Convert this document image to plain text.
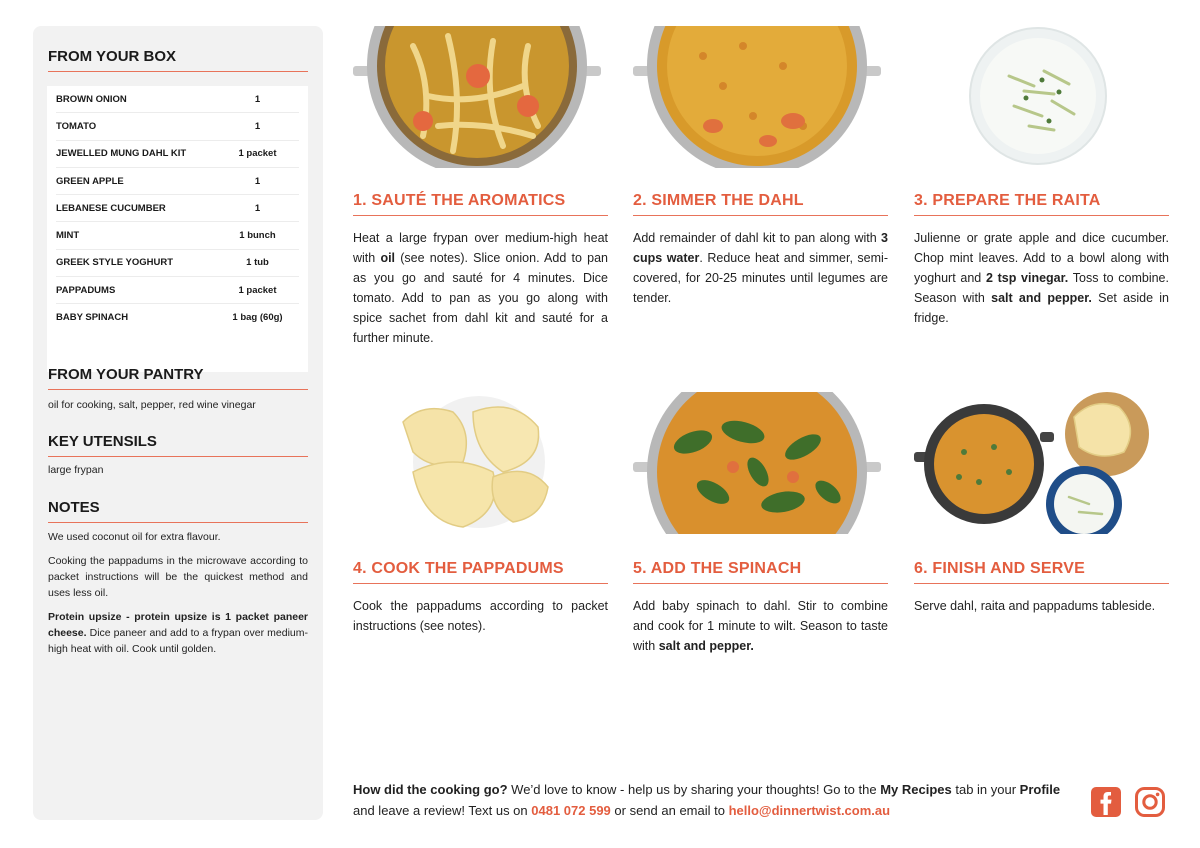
FROM YOUR BOX
BROWN ONION	1
TOMATO	1
JEWELLED MUNG DAHL KIT	1 packet
GREEN APPLE	1
LEBANESE CUCUMBER	1
MINT	1 bunch
GREEK STYLE YOGHURT	1 tub
PAPPADUMS	1 packet
BABY SPINACH	1 bag (60g)
FROM YOUR PANTRY
oil for cooking, salt, pepper, red wine vinegar
KEY UTENSILS
large frypan
NOTES

We used coconut oil for extra flavour.

Cooking the pappadums in the microwave according to packet instructions will be the quickest method and uses less oil.

Protein upsize - protein upsize is 1 packet paneer cheese. Dice paneer and add to a frypan over medium-high heat with oil. Cook until golden.

1. SAUTÉ THE AROMATICS	2. SIMMER THE DAHL	3. PREPARE THE RAITA
4. COOK THE PAPPADUMS	5. ADD THE SPINACH	6. FINISH AND SERVE
Heat a large frypan over medium-high heat with oil (see notes). Slice onion. Add to pan as you go and sauté for 4 minutes. Dice tomato. Add to pan as you go along with spice sachet from dahl kit and sauté for a further minute.
Add remainder of dahl kit to pan along with 3 cups water. Reduce heat and simmer, semi-covered, for 20-25 minutes until legumes are tender.
Julienne or grate apple and dice cucumber. Chop mint leaves. Add to a bowl along with yoghurt and 2 tsp vinegar. Toss to combine. Season with salt and pepper. Set aside in fridge.
Cook the pappadums according to packet instructions (see notes).
Add baby spinach to dahl. Stir to combine and cook for 1 minute to wilt. Season to taste with salt and pepper.
Serve dahl, raita and pappadums tableside.
How did the cooking go? We’d love to know - help us by sharing your thoughts! Go to the My Recipes tab in your Profile and leave a review! Text us on 0481 072 599 or send an email to hello@dinnertwist.com.au
